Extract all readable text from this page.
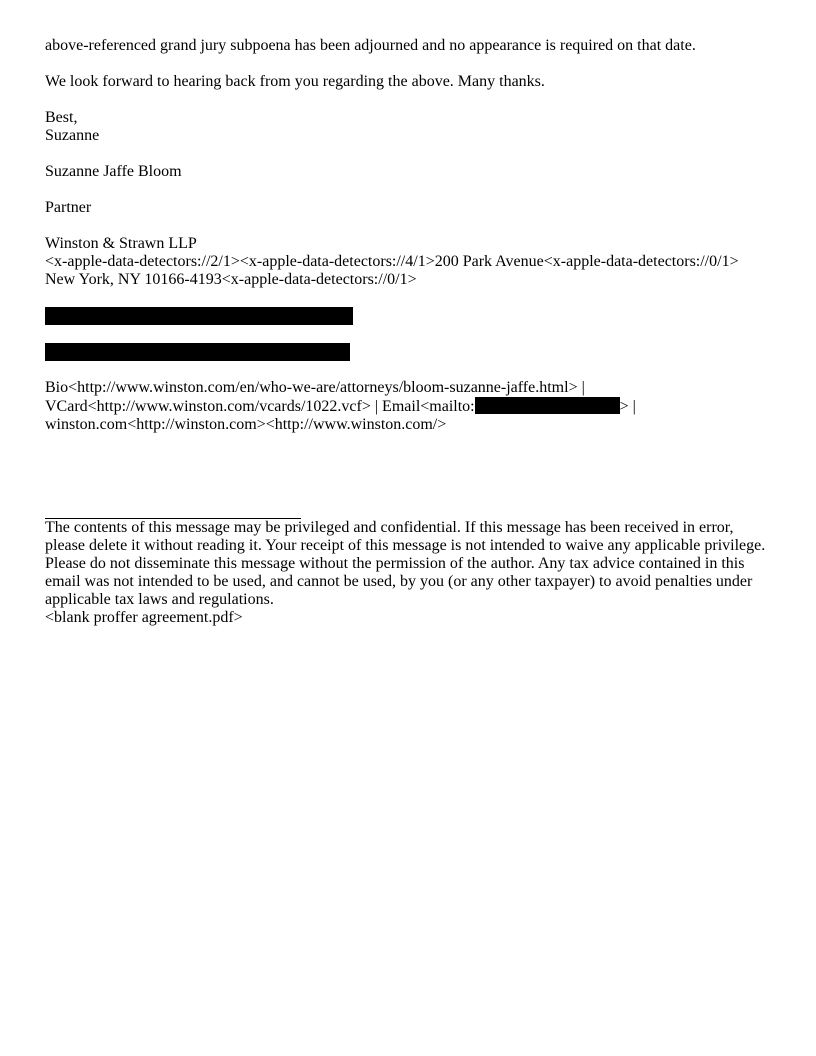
above-referenced grand jury subpoena has been adjourned and no appearance is required on that date.
We look forward to hearing back from you regarding the above. Many thanks.
Best,
Suzanne
Suzanne Jaffe Bloom
Partner
Winston & Strawn LLP
<x-apple-data-detectors://2/1><x-apple-data-detectors://4/1>200 Park Avenue<x-apple-data-detectors://0/1>
New York, NY 10166-4193<x-apple-data-detectors://0/1>
Bio<http://www.winston.com/en/who-we-are/attorneys/bloom-suzanne-jaffe.html> |
VCard<http://www.winston.com/vcards/1022.vcf> | Email<mailto:	> |
winston.com<http://winston.com><http://www.winston.com/>
The contents of this message may be privileged and confidential. If this message has been received in error,
please delete it without reading it. Your receipt of this message is not intended to waive any applicable privilege.
Please do not disseminate this message without the permission of the author. Any tax advice contained in this
email was not intended to be used, and cannot be used, by you (or any other taxpayer) to avoid penalties under
applicable tax laws and regulations.
<blank proffer agreement.pdf>
